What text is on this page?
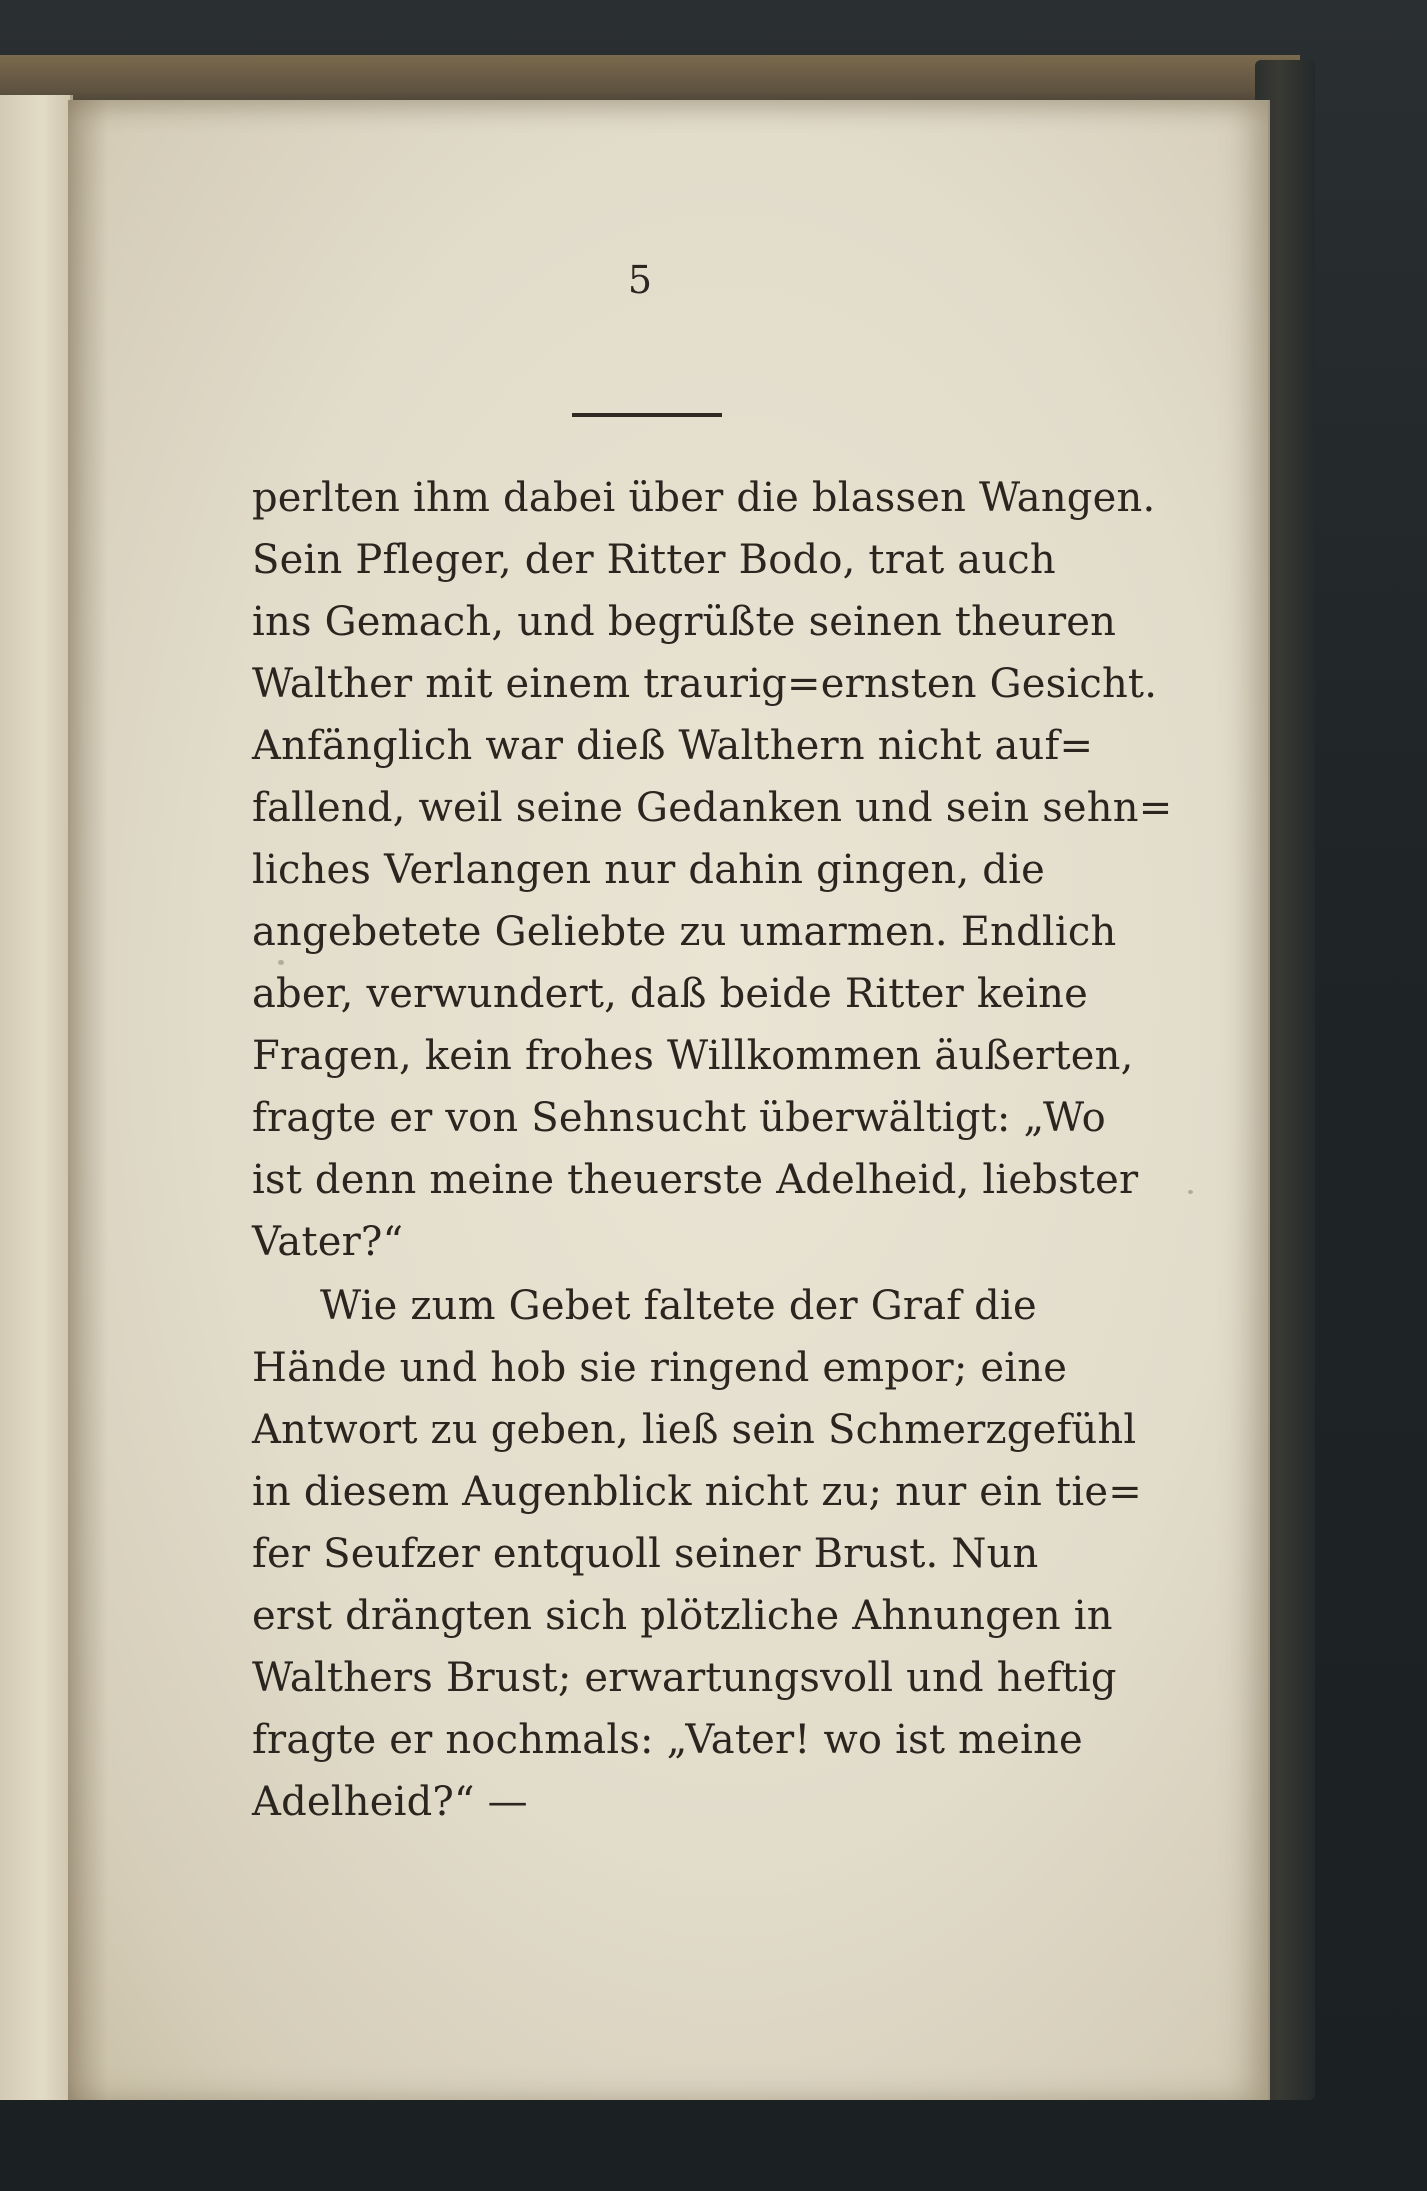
5
perlten ihm dabei über die blassen Wangen.
Sein Pfleger, der Ritter Bodo, trat auch
ins Gemach, und begrüßte seinen theuren
Walther mit einem traurig=ernsten Gesicht.
Anfänglich war dieß Walthern nicht auf=
fallend, weil seine Gedanken und sein sehn=
liches Verlangen nur dahin gingen, die
angebetete Geliebte zu umarmen. Endlich
aber, verwundert, daß beide Ritter keine
Fragen, kein frohes Willkommen äußerten,
fragte er von Sehnsucht überwältigt: „Wo
ist denn meine theuerste Adelheid, liebster
Vater?“
Wie zum Gebet faltete der Graf die
Hände und hob sie ringend empor; eine
Antwort zu geben, ließ sein Schmerzgefühl
in diesem Augenblick nicht zu; nur ein tie=
fer Seufzer entquoll seiner Brust. Nun
erst drängten sich plötzliche Ahnungen in
Walthers Brust; erwartungsvoll und heftig
fragte er nochmals: „Vater! wo ist meine
Adelheid?“ —
